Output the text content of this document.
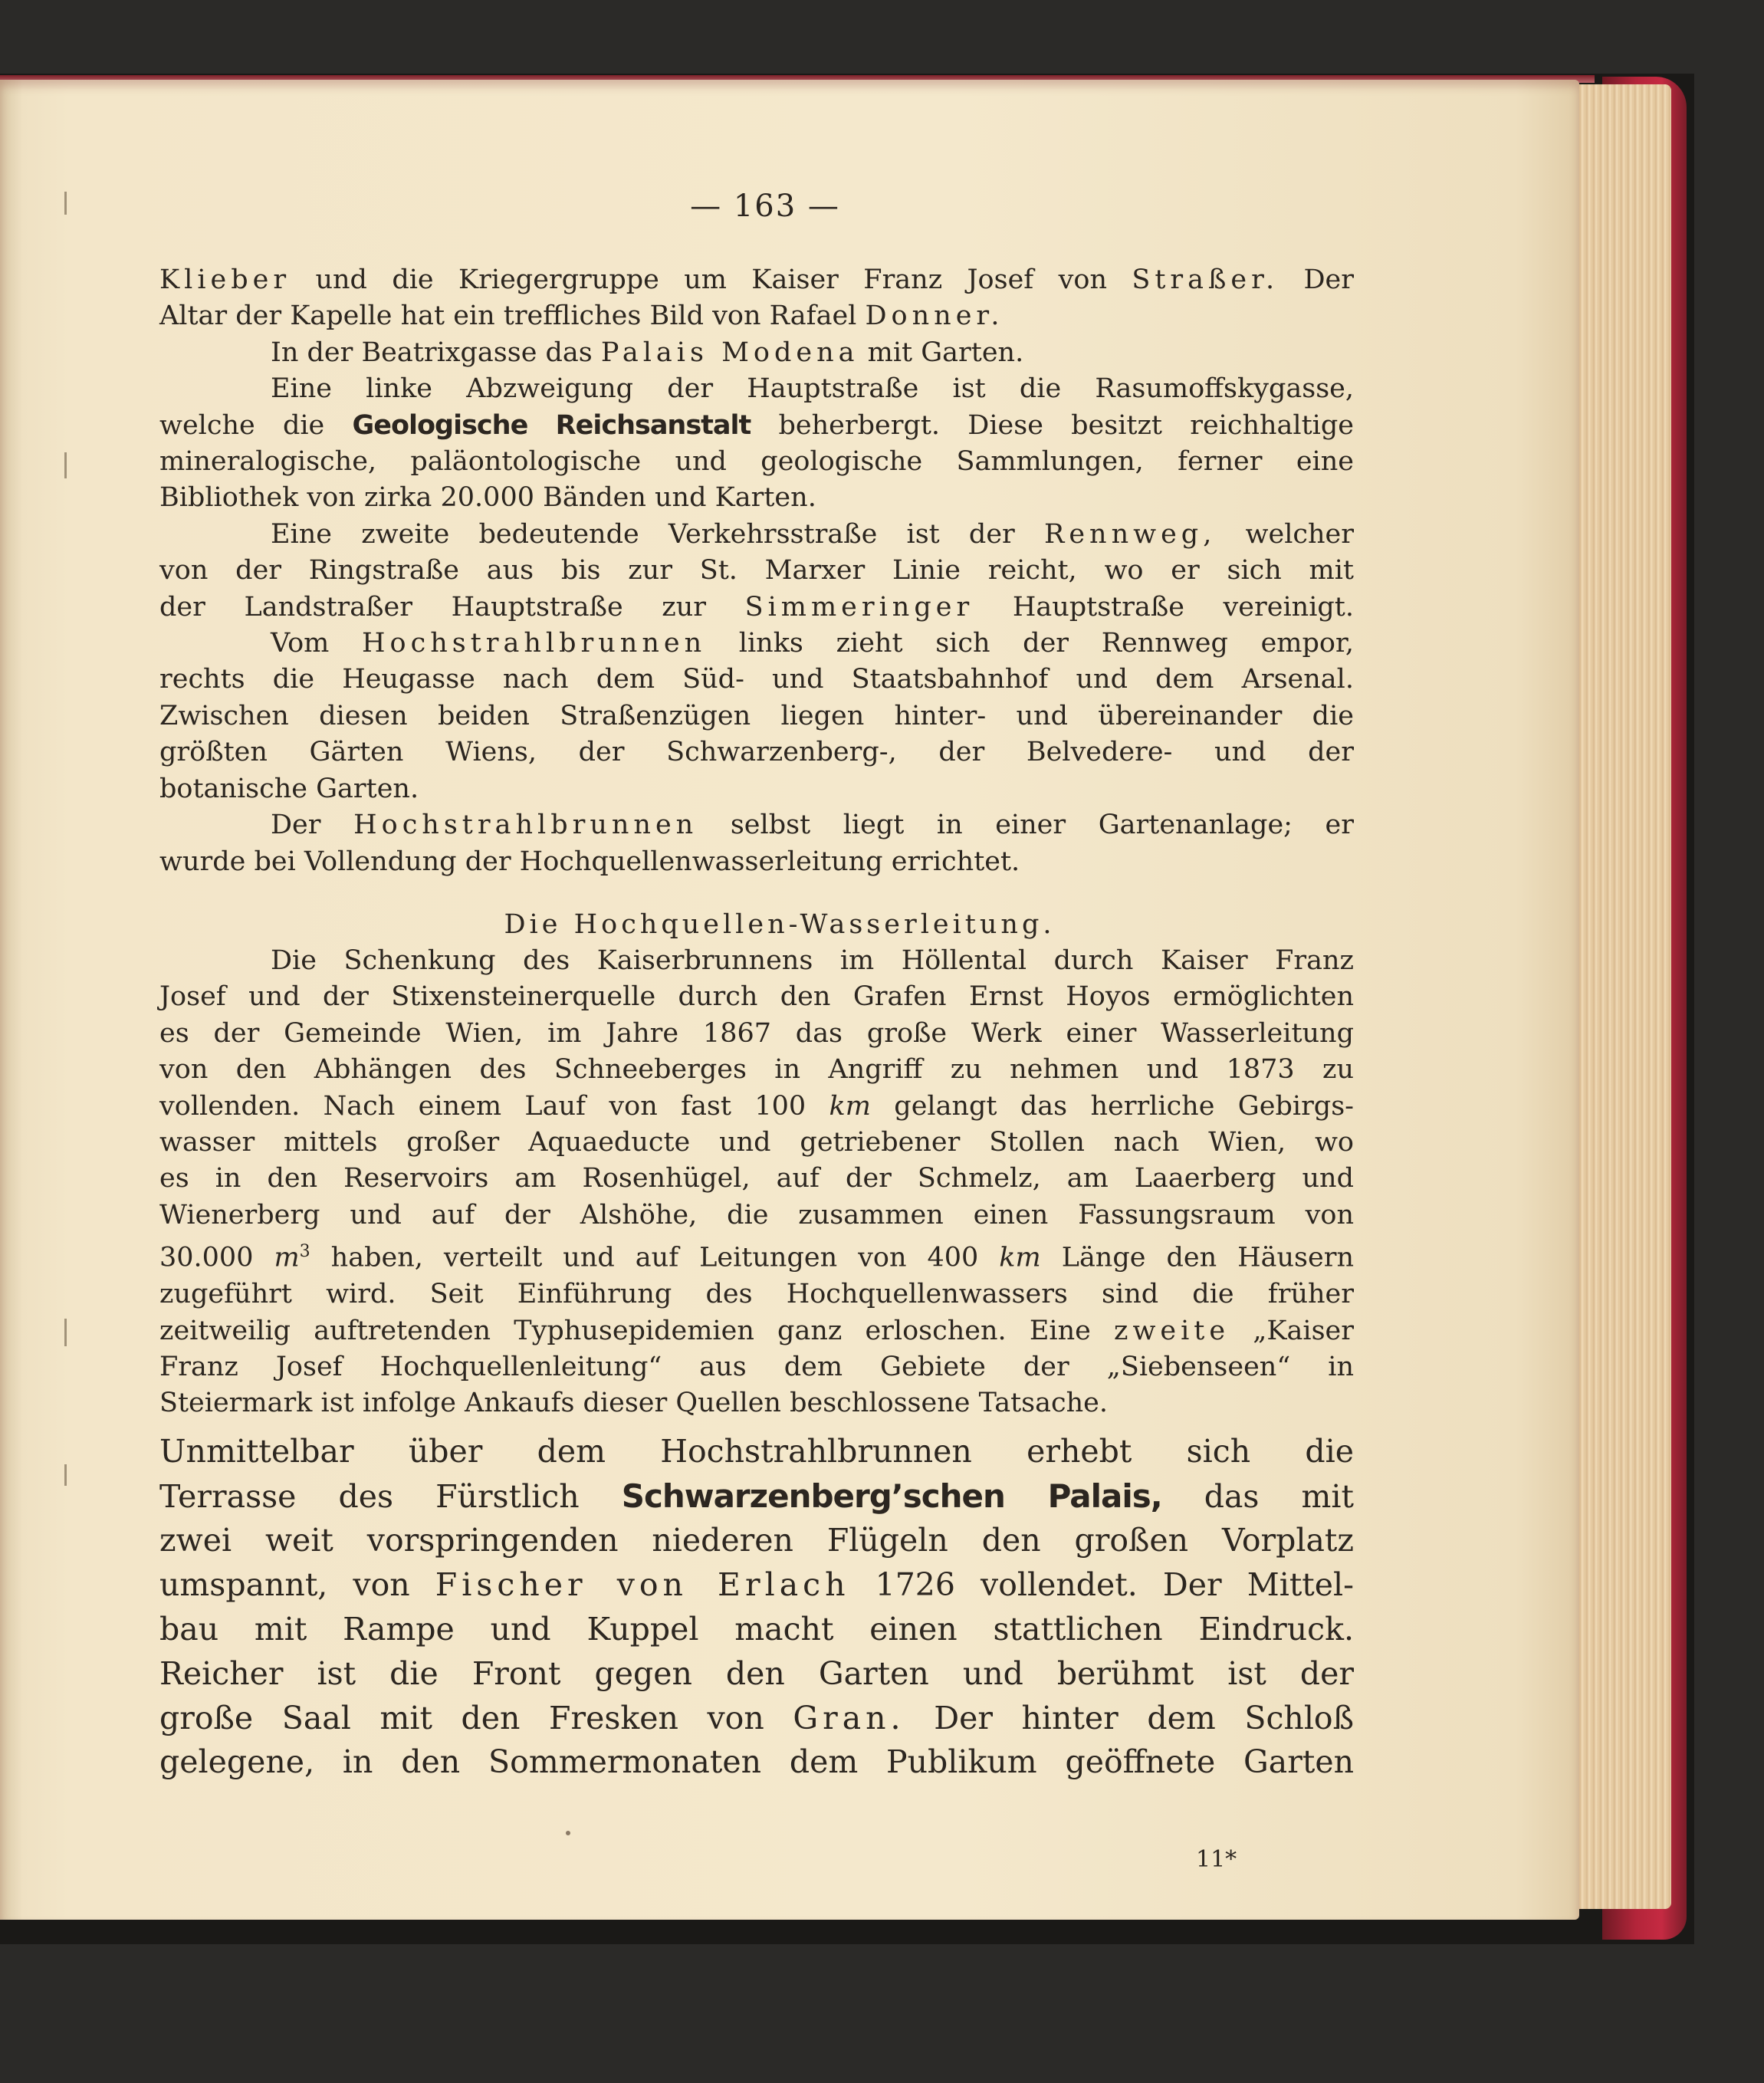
— 163 —

Klieber und die Kriegergruppe um Kaiser Franz Josef von Straßer. Der
Altar der Kapelle hat ein treffliches Bild von Rafael Donner.

In der Beatrixgasse das Palais Modena mit Garten.

Eine linke Abzweigung der Hauptstraße ist die Rasumoffskygasse,
welche die Geologische Reichsanstalt beherbergt. Diese besitzt reichhaltige
mineralogische, paläontologische und geologische Sammlungen, ferner eine
Bibliothek von zirka 20.000 Bänden und Karten.

Eine zweite bedeutende Verkehrsstraße ist der Rennweg, welcher
von der Ringstraße aus bis zur St. Marxer Linie reicht, wo er sich mit
der Landstraßer Hauptstraße zur Simmeringer Hauptstraße vereinigt.

Vom Hochstrahlbrunnen links zieht sich der Rennweg empor,
rechts die Heugasse nach dem Süd- und Staatsbahnhof und dem Arsenal.
Zwischen diesen beiden Straßenzügen liegen hinter- und übereinander die
größten Gärten Wiens, der Schwarzenberg-, der Belvedere- und der
botanische Garten.

Der Hochstrahlbrunnen selbst liegt in einer Gartenanlage; er
wurde bei Vollendung der Hochquellenwasserleitung errichtet.

Die Hochquellen-Wasserleitung.

Die Schenkung des Kaiserbrunnens im Höllental durch Kaiser Franz
Josef und der Stixensteinerquelle durch den Grafen Ernst Hoyos ermöglichten
es der Gemeinde Wien, im Jahre 1867 das große Werk einer Wasserleitung
von den Abhängen des Schneeberges in Angriff zu nehmen und 1873 zu
vollenden. Nach einem Lauf von fast 100 km gelangt das herrliche Gebirgs-
wasser mittels großer Aquaeducte und getriebener Stollen nach Wien, wo
es in den Reservoirs am Rosenhügel, auf der Schmelz, am Laaerberg und
Wienerberg und auf der Alshöhe, die zusammen einen Fassungsraum von
30.000 $m^3$ haben, verteilt und auf Leitungen von 400 km Länge den Häusern
zugeführt wird. Seit Einführung des Hochquellenwassers sind die früher
zeitweilig auftretenden Typhusepidemien ganz erloschen. Eine zweite „Kaiser
Franz Josef Hochquellenleitung“ aus dem Gebiete der „Siebenseen“ in
Steiermark ist infolge Ankaufs dieser Quellen beschlossene Tatsache.

Unmittelbar über dem Hochstrahlbrunnen erhebt sich die
Terrasse des Fürstlich Schwarzenberg’schen Palais, das mit
zwei weit vorspringenden niederen Flügeln den großen Vorplatz
umspannt, von Fischer von Erlach 1726 vollendet. Der Mittel-
bau mit Rampe und Kuppel macht einen stattlichen Eindruck.
Reicher ist die Front gegen den Garten und berühmt ist der
große Saal mit den Fresken von Gran. Der hinter dem Schloß
gelegene, in den Sommermonaten dem Publikum geöffnete Garten

11*
